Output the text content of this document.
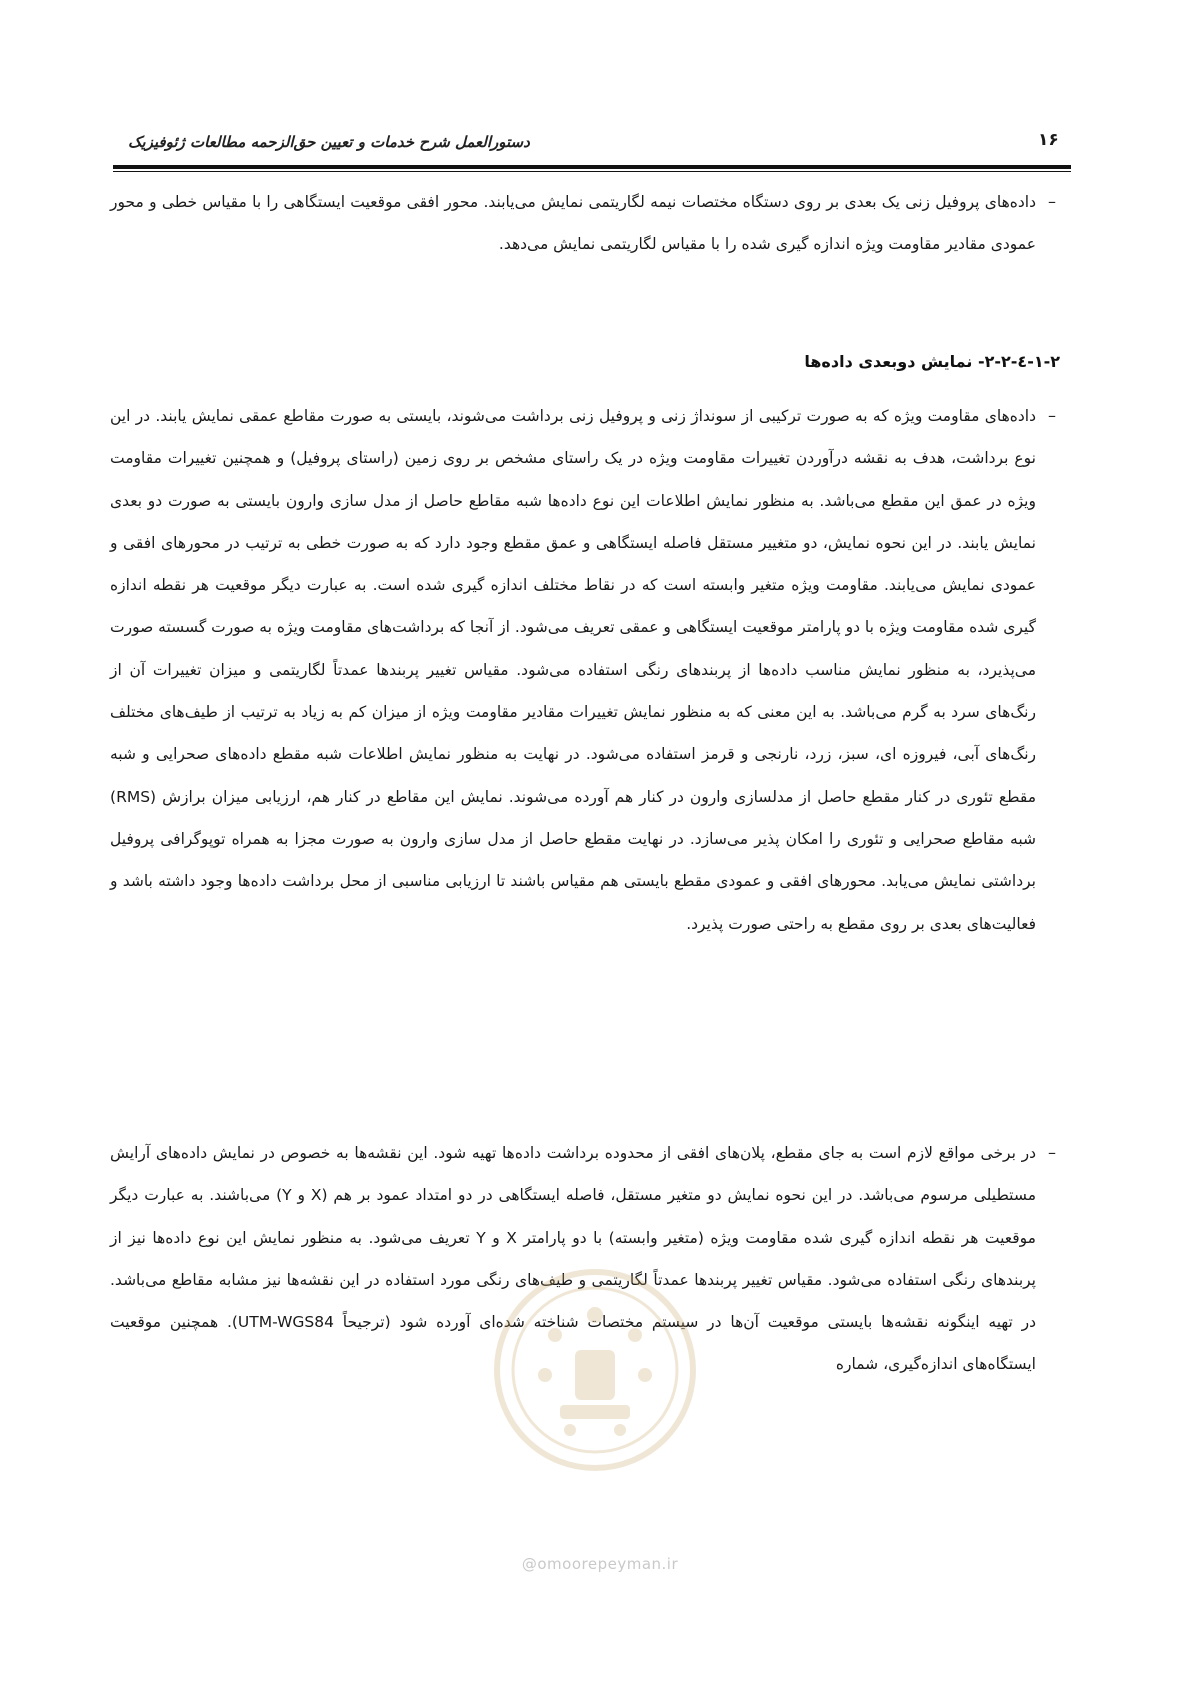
دستورالعمل شرح خدمات و تعیین حق‌الزحمه مطالعات ژئوفیزیک	۱۶
–
داده‌های پروفیل زنی یک بعدی بر روی دستگاه مختصات نیمه لگاریتمی نمایش می‌یابند. محور افقی موقعیت ایستگاهی را با مقیاس خطی و محور عمودی مقادیر مقاومت ویژه اندازه گیری شده را با مقیاس لگاریتمی نمایش می‌دهد.
۱-۲-٤-۲-۲- نمایش دوبعدی داده‌ها
–
داده‌های مقاومت ویژه که به صورت ترکیبی از سونداژ زنی و پروفیل زنی برداشت می‌شوند، بایستی به صورت مقاطع عمقی نمایش یابند. در این نوع برداشت، هدف به نقشه درآوردن تغییرات مقاومت ویژه در یک راستای مشخص بر روی زمین (راستای پروفیل) و همچنین تغییرات مقاومت ویژه در عمق این مقطع می‌باشد. به منظور نمایش اطلاعات این نوع داده‌ها شبه مقاطع حاصل از مدل سازی وارون بایستی به صورت دو بعدی نمایش یابند. در این نحوه نمایش، دو متغییر مستقل فاصله ایستگاهی و عمق مقطع وجود دارد که به صورت خطی به ترتیب در محورهای افقی و عمودی نمایش می‌یابند. مقاومت ویژه متغیر وابسته است که در نقاط مختلف اندازه گیری شده است. به عبارت دیگر موقعیت هر نقطه اندازه گیری شده مقاومت ویژه با دو پارامتر موقعیت ایستگاهی و عمقی تعریف می‌شود. از آنجا که برداشت‌های مقاومت ویژه به صورت گسسته صورت می‌پذیرد، به منظور نمایش مناسب داده‌ها از پربندهای رنگی استفاده می‌شود. مقیاس تغییر پربندها عمدتاً لگاریتمی و میزان تغییرات آن از رنگ‌های سرد به گرم می‌باشد. به این معنی که به منظور نمایش تغییرات مقادیر مقاومت ویژه از میزان کم به زیاد به ترتیب از طیف‌های مختلف رنگ‌های آبی، فیروزه ای، سبز، زرد، نارنجی و قرمز استفاده می‌شود. در نهایت به منظور نمایش اطلاعات شبه مقطع داده‌های صحرایی و شبه مقطع تئوری در کنار مقطع حاصل از مدلسازی وارون در کنار هم آورده می‌شوند. نمایش این مقاطع در کنار هم، ارزیابی میزان برازش (RMS) شبه مقاطع صحرایی و تئوری را امکان پذیر می‌سازد. در نهایت مقطع حاصل از مدل سازی وارون به صورت مجزا به همراه توپوگرافی پروفیل برداشتی نمایش می‌یابد. محورهای افقی و عمودی مقطع بایستی هم مقیاس باشند تا ارزیابی مناسبی از محل برداشت داده‌ها وجود داشته باشد و فعالیت‌های بعدی بر روی مقطع به راحتی صورت پذیرد.
–
در برخی مواقع لازم است به جای مقطع، پلان‌های افقی از محدوده برداشت داده‌ها تهیه شود. این نقشه‌ها به خصوص در نمایش داده‌های آرایش مستطیلی مرسوم می‌باشد. در این نحوه نمایش دو متغیر مستقل، فاصله ایستگاهی در دو امتداد عمود بر هم (X و Y) می‌باشند. به عبارت دیگر موقعیت هر نقطه اندازه گیری شده مقاومت ویژه (متغیر وابسته) با دو پارامتر X و Y تعریف می‌شود. به منظور نمایش این نوع داده‌ها نیز از پربندهای رنگی استفاده می‌شود. مقیاس تغییر پربندها عمدتاً لگاریتمی و طیف‌های رنگی مورد استفاده در این نقشه‌ها نیز مشابه مقاطع می‌باشد. در تهیه اینگونه نقشه‌ها بایستی موقعیت آن‌ها در سیستم مختصات شناخته شده‌ای آورده شود (ترجیحاً UTM-WGS84). همچنین موقعیت ایستگاه‌های اندازه‌گیری، شماره
@omoorepeyman.ir
